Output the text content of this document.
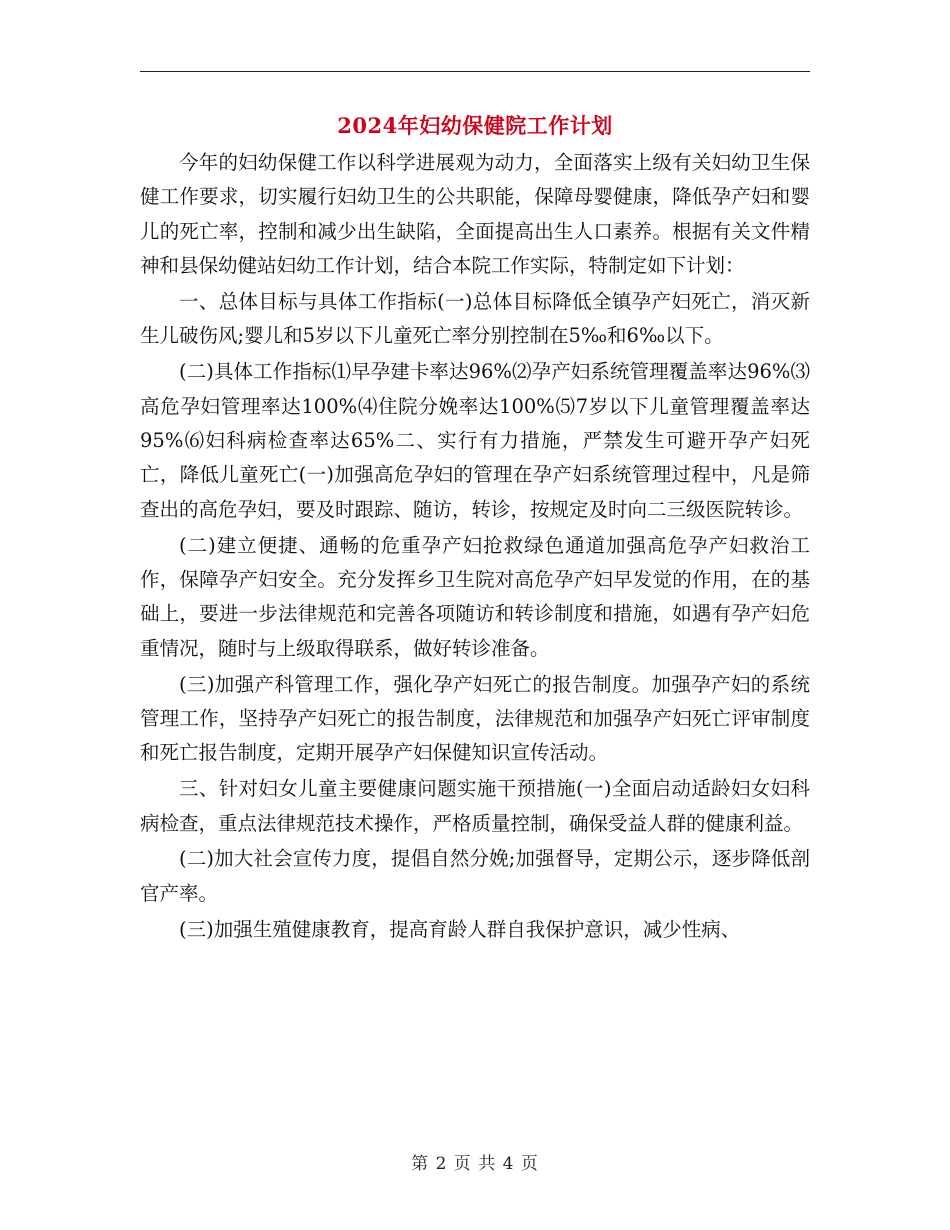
2024年妇幼保健院工作计划

今年的妇幼保健工作以科学进展观为动力，全面落实上级有关妇幼卫生保健工作要求，切实履行妇幼卫生的公共职能，保障母婴健康，降低孕产妇和婴儿的死亡率，控制和减少出生缺陷，全面提高出生人口素养。根据有关文件精神和县保幼健站妇幼工作计划，结合本院工作实际，特制定如下计划：

一、总体目标与具体工作指标(一)总体目标降低全镇孕产妇死亡，消灭新生儿破伤风;婴儿和5岁以下儿童死亡率分别控制在5‰和6‰以下。

(二)具体工作指标⑴早孕建卡率达96%⑵孕产妇系统管理覆盖率达96%⑶高危孕妇管理率达100%⑷住院分娩率达100%⑸7岁以下儿童管理覆盖率达95%⑹妇科病检查率达65%二、实行有力措施，严禁发生可避开孕产妇死亡，降低儿童死亡(一)加强高危孕妇的管理在孕产妇系统管理过程中，凡是筛查出的高危孕妇，要及时跟踪、随访，转诊，按规定及时向二三级医院转诊。

(二)建立便捷、通畅的危重孕产妇抢救绿色通道加强高危孕产妇救治工作，保障孕产妇安全。充分发挥乡卫生院对高危孕产妇早发觉的作用，在的基础上，要进一步法律规范和完善各项随访和转诊制度和措施，如遇有孕产妇危重情况，随时与上级取得联系，做好转诊准备。

(三)加强产科管理工作，强化孕产妇死亡的报告制度。加强孕产妇的系统管理工作，坚持孕产妇死亡的报告制度，法律规范和加强孕产妇死亡评审制度和死亡报告制度，定期开展孕产妇保健知识宣传活动。

三、针对妇女儿童主要健康问题实施干预措施(一)全面启动适龄妇女妇科病检查，重点法律规范技术操作，严格质量控制，确保受益人群的健康利益。

(二)加大社会宣传力度，提倡自然分娩;加强督导，定期公示，逐步降低剖官产率。

(三)加强生殖健康教育，提高育龄人群自我保护意识，减少性病、

第 2 页 共 4 页
